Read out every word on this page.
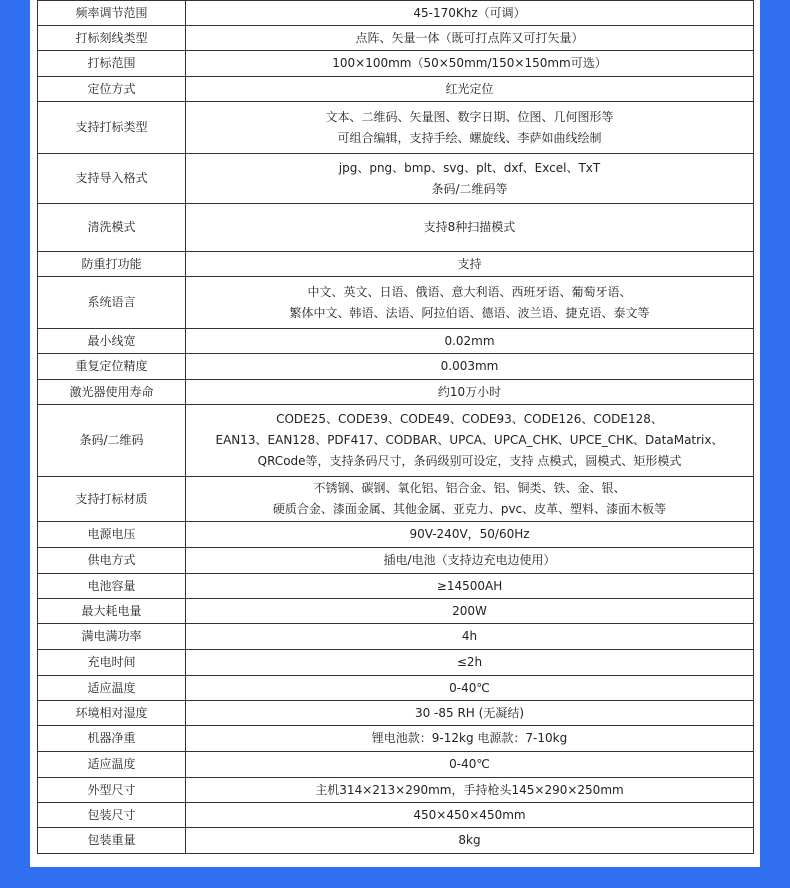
频率调节范围	45-170Khz（可调）

打标刻线类型	点阵、矢量一体（既可打点阵又可打矢量）

打标范围	100×100mm（50×50mm/150×150mm可选）

定位方式	红光定位

支持打标类型	文本、二维码、矢量图、数字日期、位图、几何图形等
可组合编辑，支持手绘、螺旋线、李萨如曲线绘制

支持导入格式	jpg、png、bmp、svg、plt、dxf、Excel、TxT
条码/二维码等

清洗模式	支持8种扫描模式

防重打功能	支持

系统语言	中文、英文、日语、俄语、意大利语、西班牙语、葡萄牙语、
繁体中文、韩语、法语、阿拉伯语、德语、波兰语、捷克语、泰文等

最小线宽	0.02mm

重复定位精度	0.003mm

激光器使用寿命	约10万小时

条码/二维码	CODE25、CODE39、CODE49、CODE93、CODE126、CODE128、
EAN13、EAN128、PDF417、CODBAR、UPCA、UPCA_CHK、UPCE_CHK、DataMatrix、
QRCode等，支持条码尺寸，条码级别可设定，支持 点模式，圆模式、矩形模式

支持打标材质	不锈钢、碳钢、氧化铝、铝合金、铝、铜类、铁、金、银、
硬质合金、漆面金属、其他金属、亚克力、pvc、皮革、塑料、漆面木板等

电源电压	90V-240V，50/60Hz

供电方式	插电/电池（支持边充电边使用）

电池容量	≥14500AH

最大耗电量	200W

满电满功率	4h

充电时间	≤2h

适应温度	0-40℃

环境相对湿度	30 -85 RH (无凝结)

机器净重	锂电池款：9-12kg 电源款：7-10kg

适应温度	0-40℃

外型尺寸	主机314×213×290mm，手持枪头145×290×250mm

包装尺寸	450×450×450mm

包装重量	8kg
